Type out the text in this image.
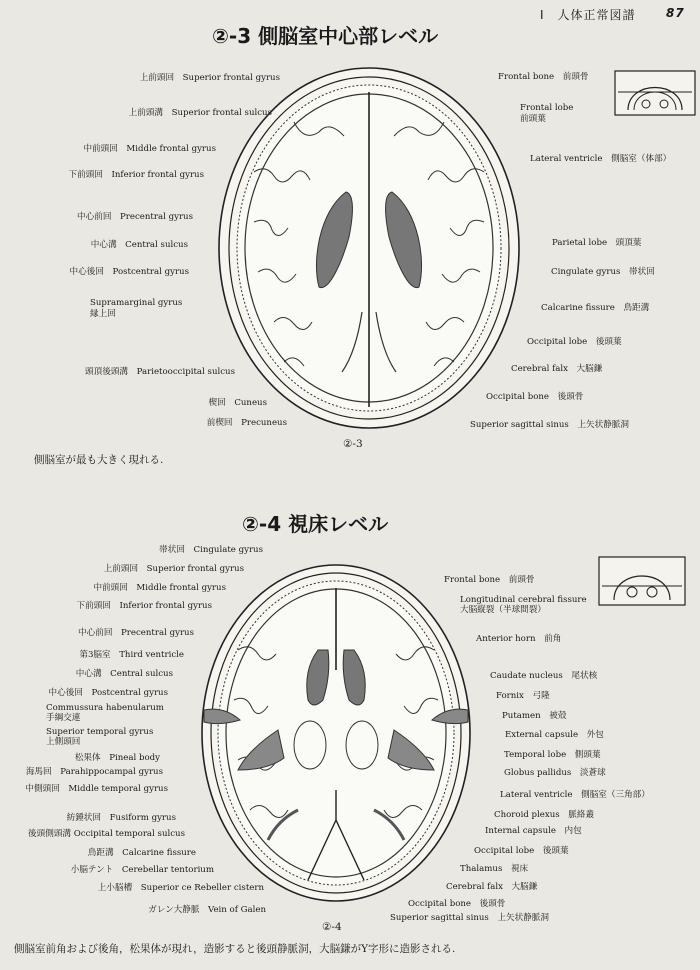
I　人体正常図譜	87
②-3 側脳室中心部レベル
上前頭回　Superior frontal gyrus
上前頭溝　Superior frontal sulcus
中前頭回　Middle frontal gyrus
下前頭回　Inferior frontal gyrus
中心前回　Precentral gyrus
中心溝　Central sulcus
中心後回　Postcentral gyrus
Supramarginal gyrus
縁上回
頭頂後頭溝　Parietooccipital sulcus
楔回　Cuneus
前楔回　Precuneus
Frontal bone　前頭骨
Frontal lobe
前頭葉
Lateral ventricle　側脳室（体部）
Parietal lobe　頭頂葉
Cingulate gyrus　帯状回
Calcarine fissure　鳥距溝
Occipital lobe　後頭葉
Cerebral falx　大脳鎌
Occipital bone　後頭骨
Superior sagittal sinus　上矢状静脈洞
②-3
側脳室が最も大きく現れる.
②-4 視床レベル
帯状回　Cingulate gyrus
上前頭回　Superior frontal gyrus
中前頭回　Middle frontal gyrus
下前頭回　Inferior frontal gyrus
中心前回　Precentral gyrus
第3脳室　Third ventricle
中心溝　Central sulcus
中心後回　Postcentral gyrus
Commussura habenularum
手綱交連
Superior temporal gyrus
上側頭回
松果体　Pineal body
海馬回　Parahippocampal gyrus
中側頭回　Middle temporal gyrus
紡錘状回　Fusiform gyrus
後頭側頭溝 Occipital temporal sulcus
鳥距溝　Calcarine fissure
小脳テント　Cerebellar tentorium
上小脳槽　Superior ce Rebeller cistern
ガレン大静脈　Vein of Galen
Frontal bone　前頭骨
Longitudinal cerebral fissure
大脳縦裂（半球間裂）
Anterior horn　前角
Caudate nucleus　尾状核
Fornix　弓隆
Putamen　被殻
External capsule　外包
Temporal lobe　側頭葉
Globus pallidus　淡蒼球
Lateral ventricle　側脳室（三角部）
Choroid plexus　脈絡叢
Internal capsule　内包
Occipital lobe　後頭葉
Thalamus　視床
Cerebral falx　大脳鎌
Occipital bone　後頭骨
Superior sagittal sinus　上矢状静脈洞
②-4
側脳室前角および後角，松果体が現れ，造影すると後頭静脈洞，大脳鎌がY字形に造影される.
